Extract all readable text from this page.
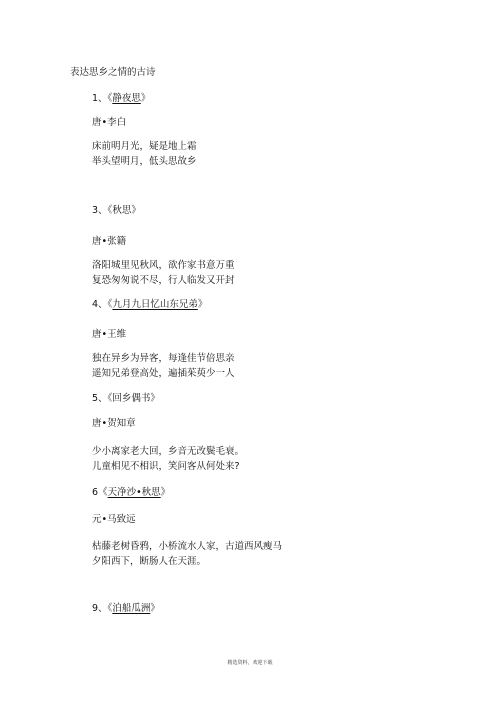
表达思乡之情的古诗
1、《静夜思》
唐•李白
床前明月光，疑是地上霜
举头望明月，低头思故乡
3、《秋思》
唐•张籍
洛阳城里见秋风，欲作家书意万重
复恐匆匆说不尽，行人临发又开封
4、《九月九日忆山东兄弟》
唐•王维
独在异乡为异客，每逢佳节倍思亲
遥知兄弟登高处，遍插茱萸少一人
5、《回乡偶书》
唐•贺知章
少小离家老大回，乡音无改鬓毛衰。
儿童相见不相识，笑问客从何处来?
6《天净沙•秋思》
元•马致远
枯藤老树昏鸦，小桥流水人家，古道西风瘦马
夕阳西下，断肠人在天涯。
9、《泊船瓜洲》
精选资料，欢迎下载
